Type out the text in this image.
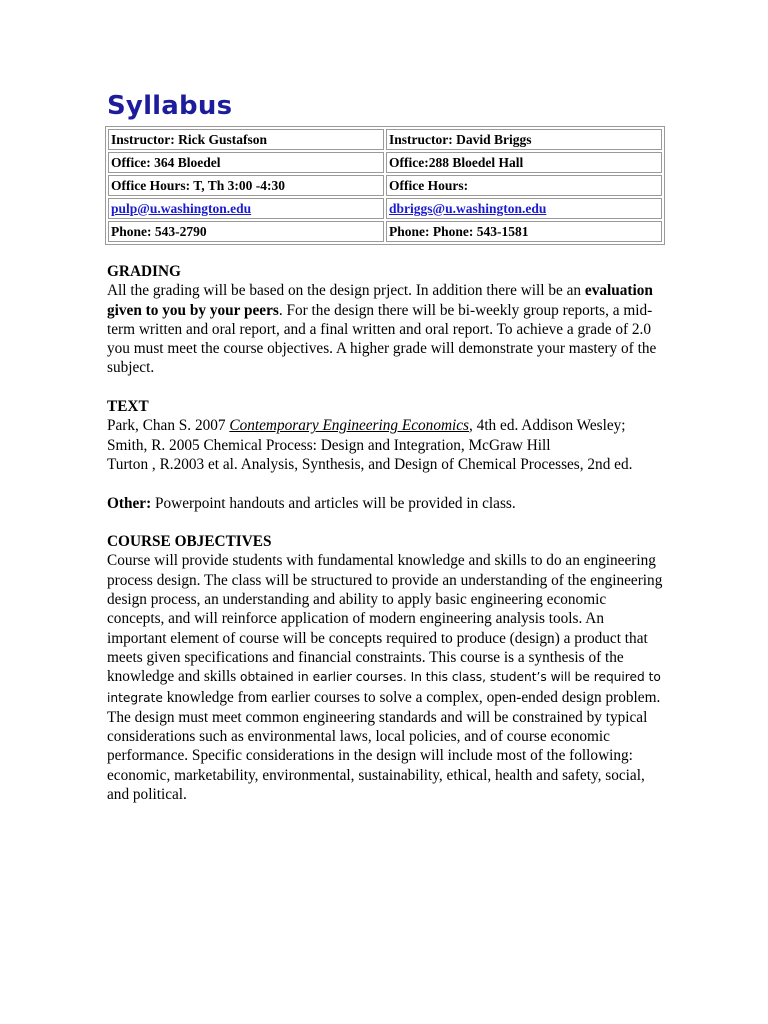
Syllabus
Instructor: Rick Gustafson	Instructor: David Briggs
Office: 364 Bloedel	Office:288 Bloedel Hall
Office Hours: T, Th 3:00 -4:30	Office Hours:
pulp@u.washington.edu	dbriggs@u.washington.edu
Phone: 543-2790	Phone: Phone: 543-1581
GRADING
All the grading will be based on the design prject. In addition there will be an evaluation given to you by your peers. For the design there will be bi-weekly group reports, a mid- term written and oral report, and a final written and oral report. To achieve a grade of 2.0 you must meet the course objectives. A higher grade will demonstrate your mastery of the subject.
TEXT
Park, Chan S. 2007 Contemporary Engineering Economics, 4th ed. Addison Wesley;
Smith, R. 2005 Chemical Process: Design and Integration, McGraw Hill
Turton , R.2003 et al. Analysis, Synthesis, and Design of Chemical Processes, 2nd ed.
Other: Powerpoint handouts and articles will be provided in class.
COURSE OBJECTIVES
Course will provide students with fundamental knowledge and skills to do an engineering process design. The class will be structured to provide an understanding of the engineering design process, an understanding and ability to apply basic engineering economic concepts, and will reinforce application of modern engineering analysis tools. An important element of course will be concepts required to produce (design) a product that meets given specifications and financial constraints. This course is a synthesis of the knowledge and skills obtained in earlier courses. In this class, student’s will be required to integrate knowledge from earlier courses to solve a complex, open-ended design problem. The design must meet common engineering standards and will be constrained by typical considerations such as environmental laws, local policies, and of course economic performance. Specific considerations in the design will include most of the following: economic, marketability, environmental, sustainability, ethical, health and safety, social, and political.
